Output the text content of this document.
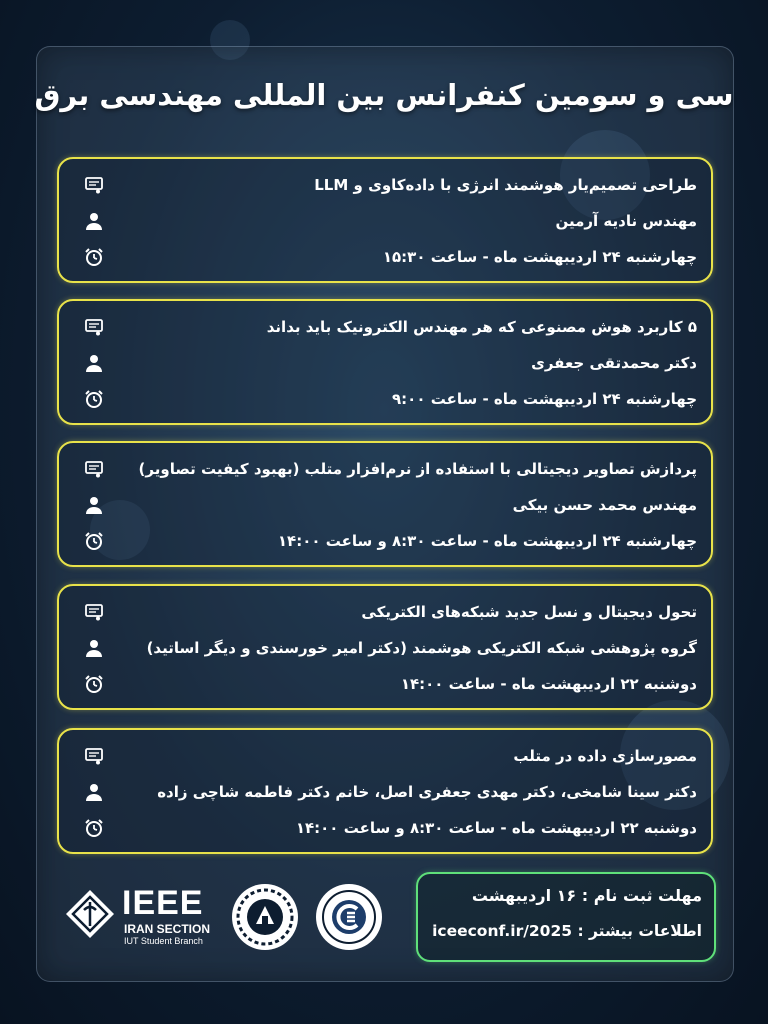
سی و سومین کنفرانس بین المللی مهندسی برق
طراحی تصمیم‌یار هوشمند انرژی با داده‌کاوی و LLM
مهندس نادیه آرمین
چهارشنبه ۲۴ اردیبهشت ماه - ساعت ۱۵:۳۰
۵ کاربرد هوش مصنوعی که هر مهندس الکترونیک باید بداند
دکتر محمدتقی جعفری
چهارشنبه ۲۴ اردیبهشت ماه - ساعت ۹:۰۰
پردازش تصاویر دیجیتالی با استفاده از نرم‌افزار متلب (بهبود کیفیت تصاویر)
مهندس محمد حسن بیکی
چهارشنبه ۲۴ اردیبهشت ماه - ساعت ۸:۳۰ و ساعت ۱۴:۰۰
تحول دیجیتال و نسل جدید شبکه‌های الکتریکی
گروه پژوهشی شبکه الکتریکی هوشمند (دکتر امیر خورسندی و دیگر اساتید)
دوشنبه ۲۲ اردیبهشت ماه - ساعت ۱۴:۰۰
مصورسازی داده در متلب
دکتر سینا شامخی، دکتر مهدی جعفری اصل، خانم دکتر فاطمه شاچی زاده
دوشنبه ۲۲ اردیبهشت ماه - ساعت ۸:۳۰ و ساعت ۱۴:۰۰
IEEE
IRAN SECTION
IUT Student Branch
مهلت ثبت نام : ۱۶ اردیبهشت
اطلاعات بیشتر : iceeconf.ir/2025
